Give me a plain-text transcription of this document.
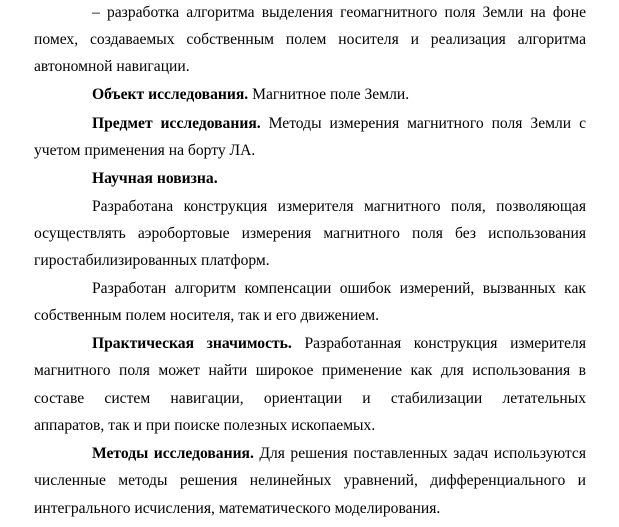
– разработка алгоритма выделения геомагнитного поля Земли на фоне
помех, создаваемых собственным полем носителя и реализация алгоритма
автономной навигации.
Объект исследования. Магнитное поле Земли.
Предмет исследования. Методы измерения магнитного поля Земли с
учетом применения на борту ЛА.
Научная новизна.
Разработана конструкция измерителя магнитного поля, позволяющая
осуществлять аэробортовые измерения магнитного поля без использования
гиростабилизированных платформ.
Разработан алгоритм компенсации ошибок измерений, вызванных как
собственным полем носителя, так и его движением.
Практическая значимость. Разработанная конструкция измерителя
магнитного поля может найти широкое применение как для использования в
составе систем навигации, ориентации и стабилизации летательных
аппаратов, так и при поиске полезных ископаемых.
Методы исследования. Для решения поставленных задач используются
численные методы решения нелинейных уравнений, дифференциального и
интегрального исчисления, математического моделирования.
